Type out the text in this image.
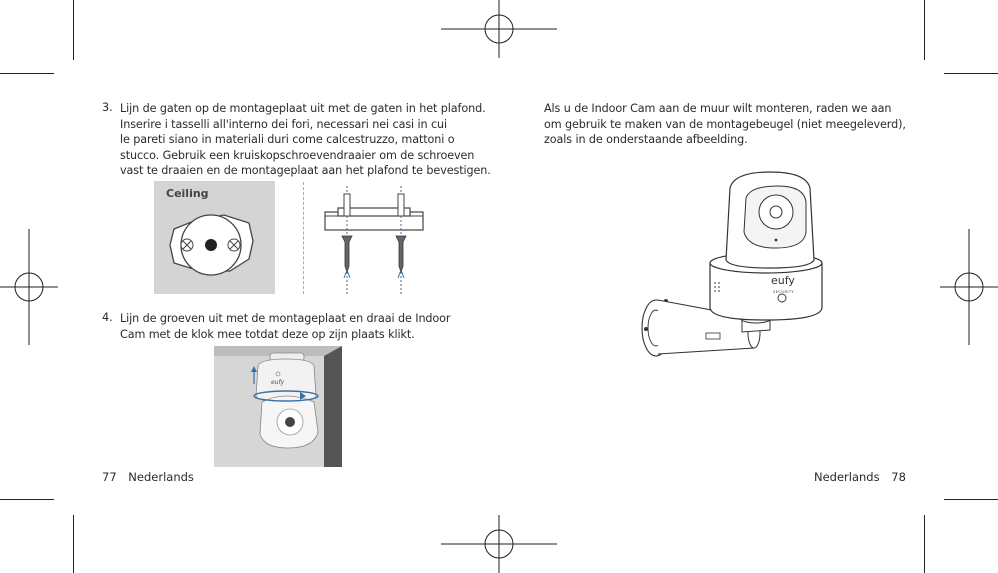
3. Lijn de gaten op de montageplaat uit met de gaten in het plafond.
Inserire i tasselli all'interno dei fori, necessari nei casi in cui
le pareti siano in materiali duri come calcestruzzo, mattoni o
stucco. Gebruik een kruiskopschroevendraaier om de schroeven
vast te draaien en de montageplaat aan het plafond te bevestigen.
Ceiling
4. Lijn de groeven uit met de montageplaat en draai de Indoor
Cam met de klok mee totdat deze op zijn plaats klikt.
eufy
77 Nederlands
Als u de Indoor Cam aan de muur wilt monteren, raden we aan
om gebruik te maken van de montagebeugel (niet meegeleverd),
zoals in de onderstaande afbeelding.
eufy
SECURITY
Nederlands 78
